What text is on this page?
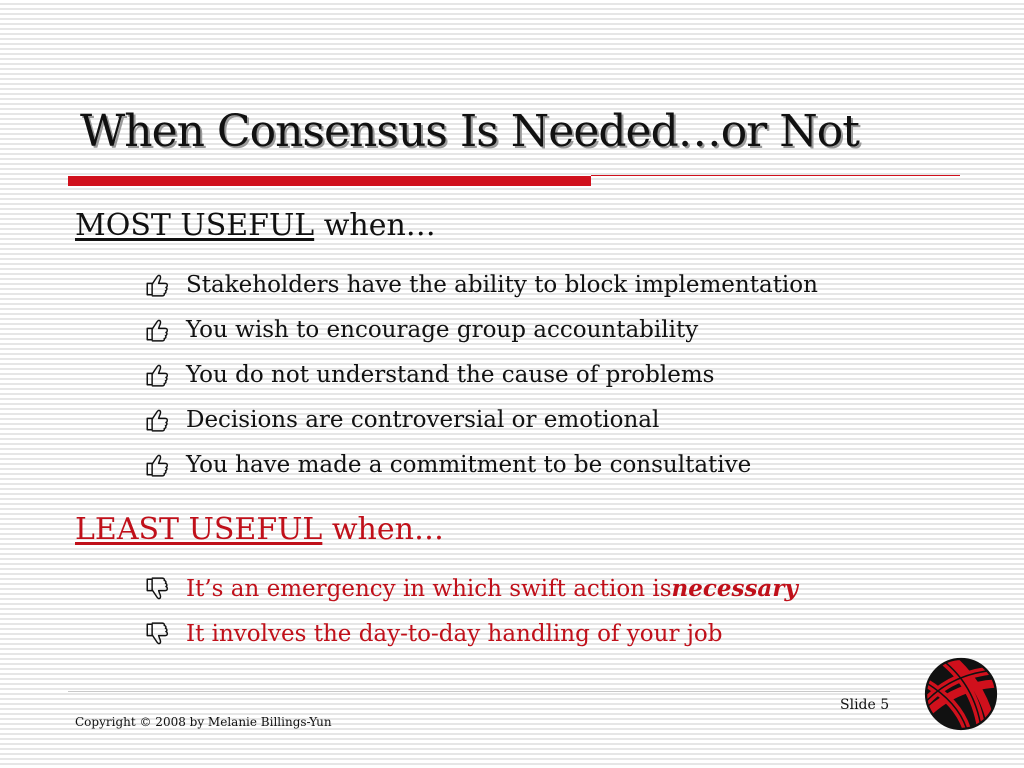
When Consensus Is Needed…or Not
MOST USEFUL when…
Stakeholders have the ability to block implementation
You wish to encourage group accountability
You do not understand the cause of problems
Decisions are controversial or emotional
You have made a commitment to be consultative
LEAST USEFUL when…
It’s an emergency in which swift action is necessary
It involves the day-to-day handling of your job
Slide 5
Copyright © 2008 by Melanie Billings-Yun
